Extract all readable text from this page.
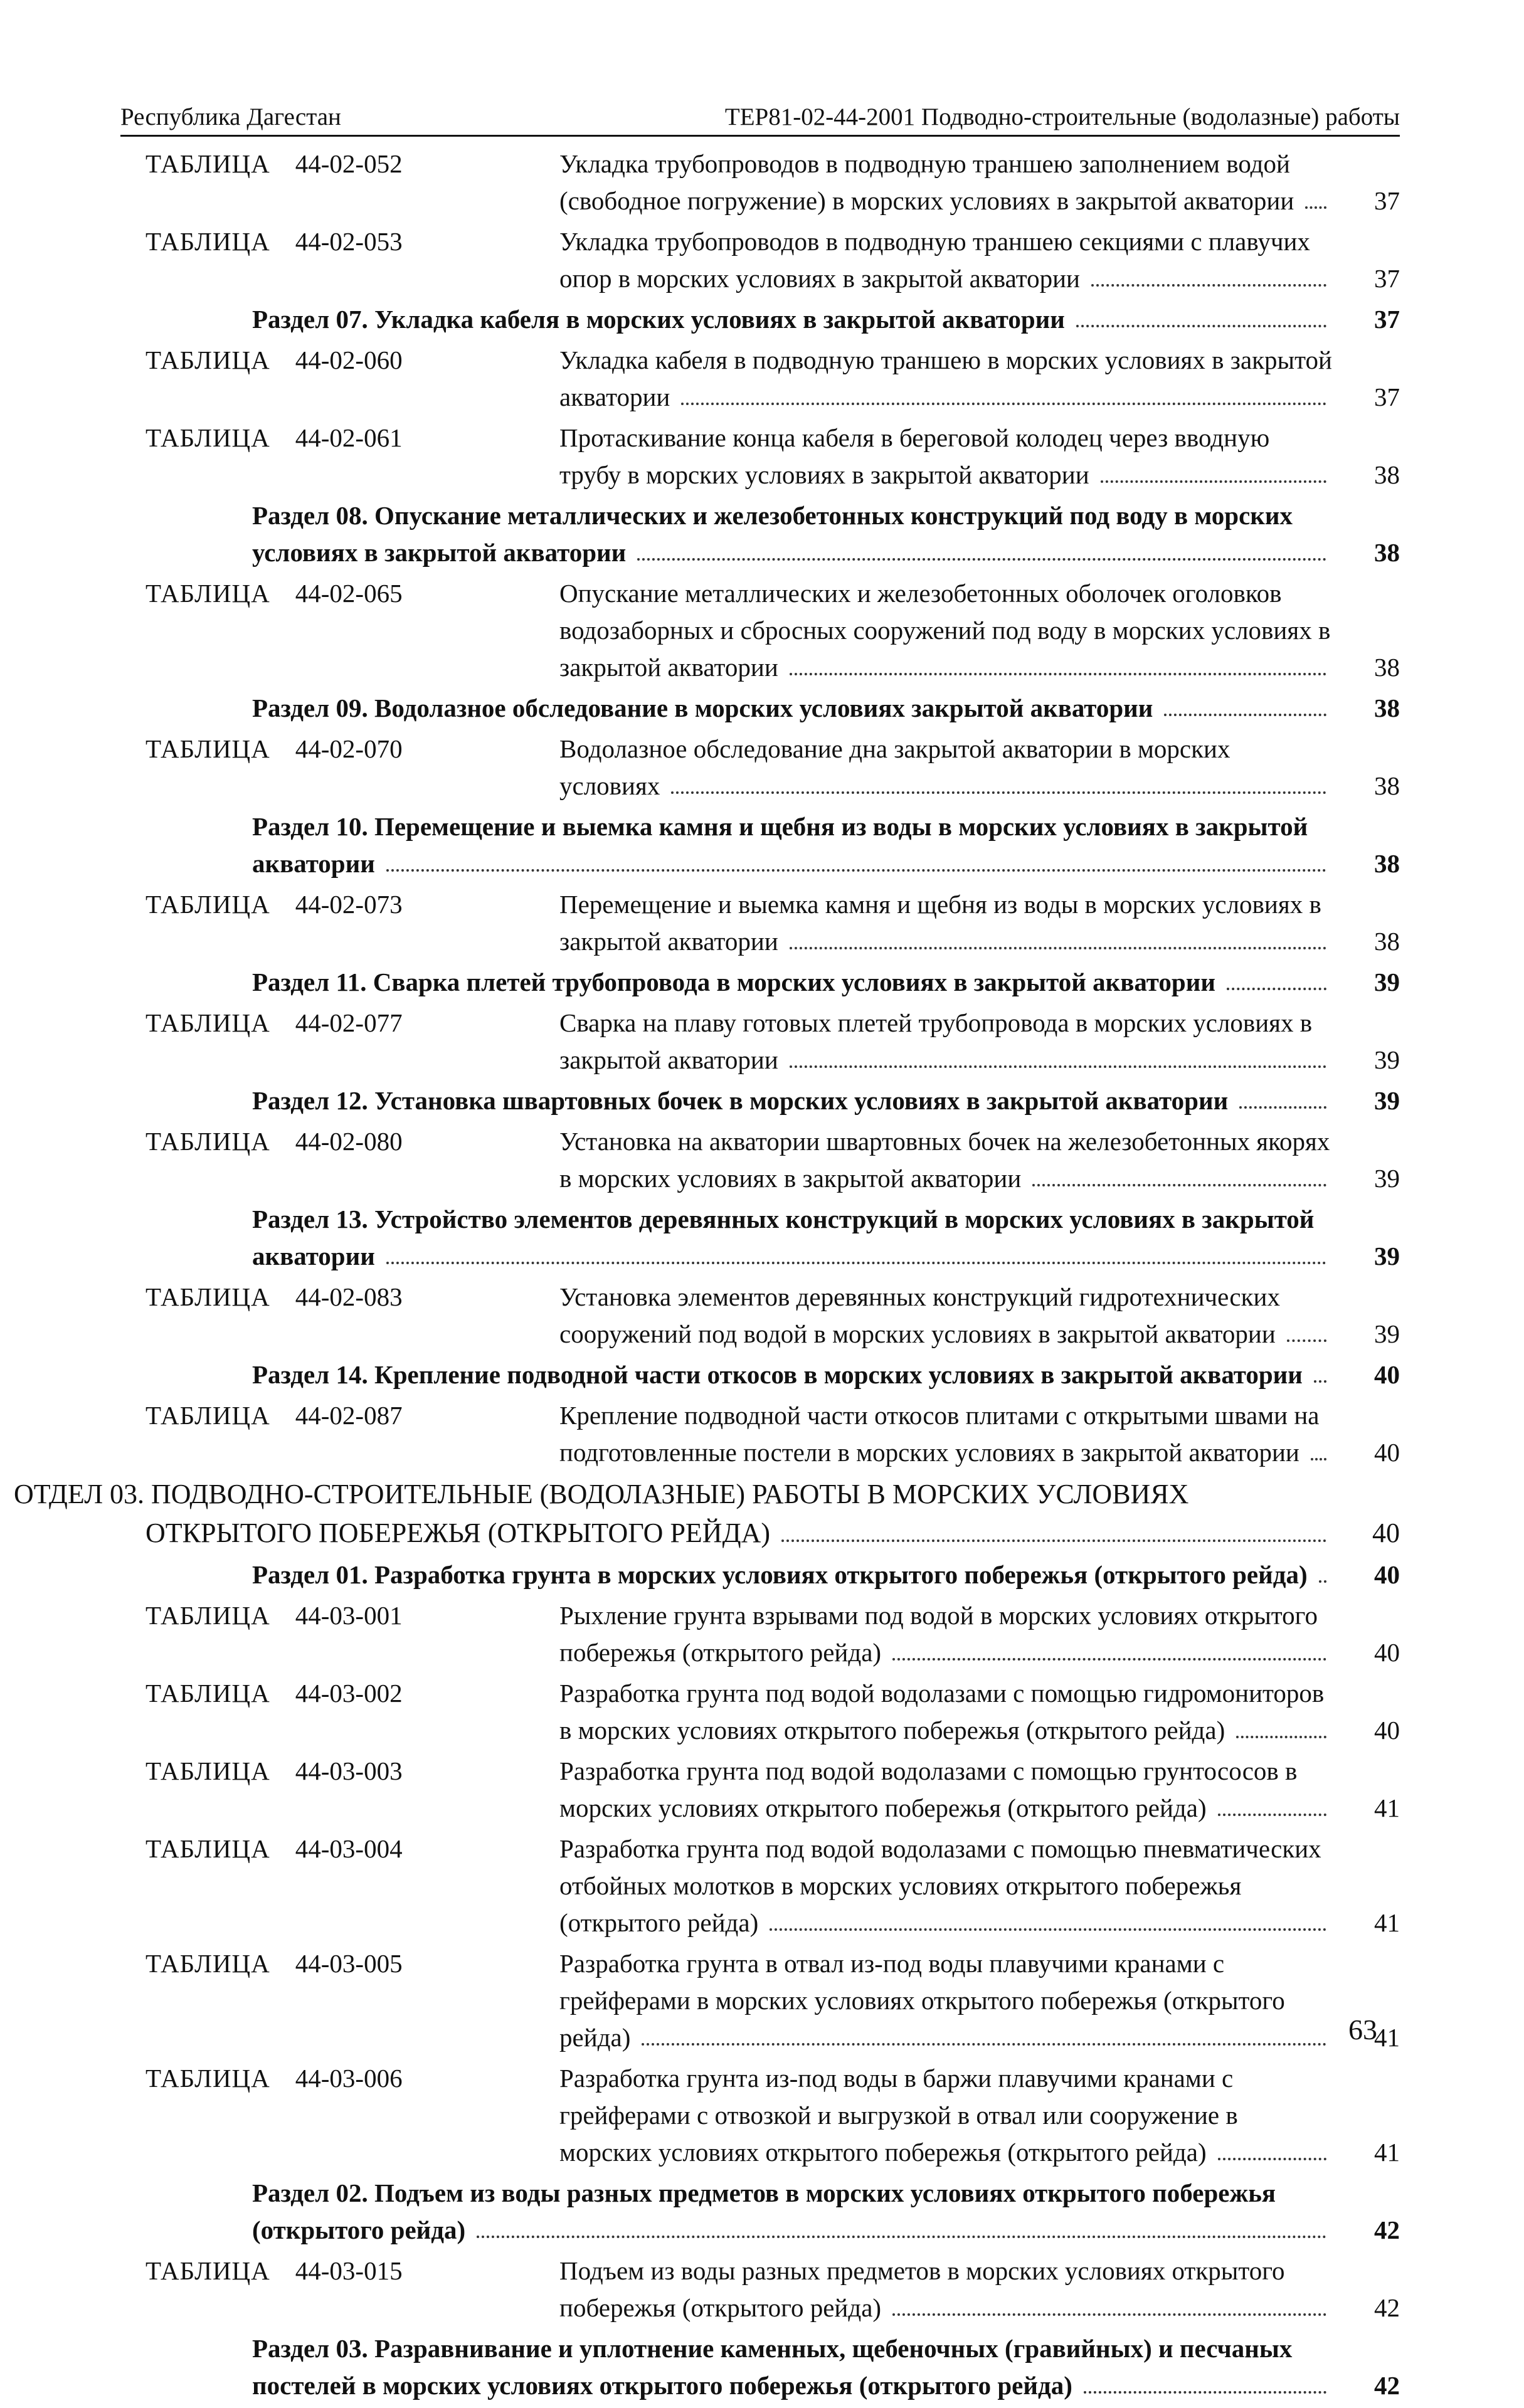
Республика Дагестан	ТЕР81-02-44-2001 Подводно-строительные (водолазные) работы
ТАБЛИЦА 44-02-052	Укладка трубопроводов в подводную траншею заполнением водой (свободное погружение) в морских условиях в закрытой акватории	37
ТАБЛИЦА 44-02-053	Укладка трубопроводов в подводную траншею секциями с плавучих опор в морских условиях в закрытой акватории	37
Раздел 07. Укладка кабеля в морских условиях в закрытой акватории	37
ТАБЛИЦА 44-02-060	Укладка кабеля в подводную траншею в морских условиях в закрытой акватории	37
ТАБЛИЦА 44-02-061	Протаскивание конца кабеля в береговой колодец через вводную трубу в морских условиях в закрытой акватории	38
Раздел 08. Опускание металлических и железобетонных конструкций под воду в морских условиях в закрытой акватории	38
ТАБЛИЦА 44-02-065	Опускание металлических и железобетонных оболочек оголовков водозаборных и сбросных сооружений под воду в морских условиях в закрытой акватории	38
Раздел 09. Водолазное обследование в морских условиях закрытой акватории	38
ТАБЛИЦА 44-02-070	Водолазное обследование дна закрытой акватории в морских условиях	38
Раздел 10. Перемещение и выемка камня и щебня из воды в морских условиях в закрытой акватории	38
ТАБЛИЦА 44-02-073	Перемещение и выемка камня и щебня из воды в морских условиях в закрытой акватории	38
Раздел 11. Сварка плетей трубопровода в морских условиях в закрытой акватории	39
ТАБЛИЦА 44-02-077	Сварка на плаву готовых плетей трубопровода в морских условиях в закрытой акватории	39
Раздел 12. Установка швартовных бочек в морских условиях в закрытой акватории	39
ТАБЛИЦА 44-02-080	Установка на акватории швартовных бочек на железобетонных якорях в морских условиях в закрытой акватории	39
Раздел 13. Устройство элементов деревянных конструкций в морских условиях в закрытой акватории	39
ТАБЛИЦА 44-02-083	Установка элементов деревянных конструкций гидротехнических сооружений под водой в морских условиях в закрытой акватории	39
Раздел 14. Крепление подводной части откосов в морских условиях в закрытой акватории	40
ТАБЛИЦА 44-02-087	Крепление подводной части откосов плитами с открытыми швами на подготовленные постели в морских условиях в закрытой акватории	40
ОТДЕЛ 03. ПОДВОДНО-СТРОИТЕЛЬНЫЕ (ВОДОЛАЗНЫЕ) РАБОТЫ В МОРСКИХ УСЛОВИЯХ ОТКРЫТОГО ПОБЕРЕЖЬЯ (ОТКРЫТОГО РЕЙДА)	40
Раздел 01. Разработка грунта в морских условиях открытого побережья (открытого рейда)	40
ТАБЛИЦА 44-03-001	Рыхление грунта взрывами под водой в морских условиях открытого побережья (открытого рейда)	40
ТАБЛИЦА 44-03-002	Разработка грунта под водой водолазами с помощью гидромониторов в морских условиях открытого побережья (открытого рейда)	40
ТАБЛИЦА 44-03-003	Разработка грунта под водой водолазами с помощью грунтососов в морских условиях открытого побережья (открытого рейда)	41
ТАБЛИЦА 44-03-004	Разработка грунта под водой водолазами с помощью пневматических отбойных молотков в морских условиях открытого побережья (открытого рейда)	41
ТАБЛИЦА 44-03-005	Разработка грунта в отвал из-под воды плавучими кранами с грейферами в морских условиях открытого побережья (открытого рейда)	41
ТАБЛИЦА 44-03-006	Разработка грунта из-под воды в баржи плавучими кранами с грейферами с отвозкой и выгрузкой в отвал или сооружение в морских условиях открытого побережья (открытого рейда)	41
Раздел 02. Подъем из воды разных предметов в морских условиях открытого побережья (открытого рейда)	42
ТАБЛИЦА 44-03-015	Подъем из воды разных предметов в морских условиях открытого побережья (открытого рейда)	42
Раздел 03. Разравнивание и уплотнение каменных, щебеночных (гравийных) и песчаных постелей в морских условиях открытого побережья (открытого рейда)	42
63
